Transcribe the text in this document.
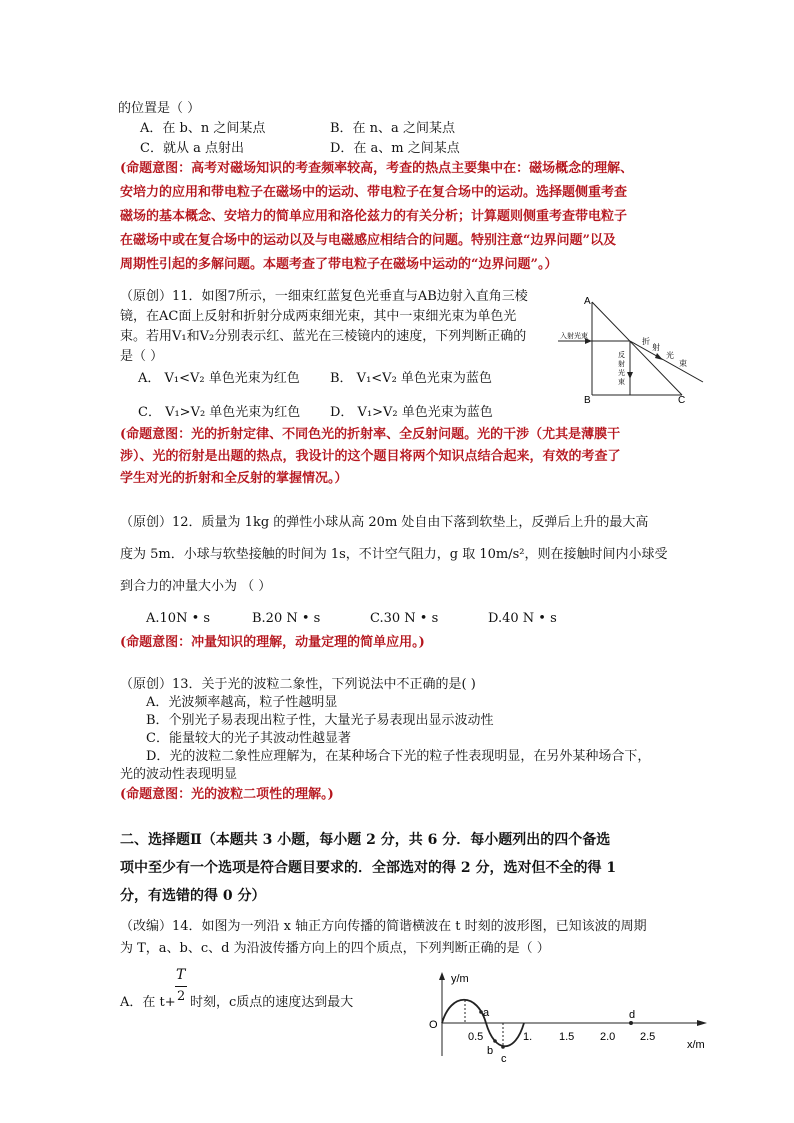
的位置是（ ）
A．在 b、n 之间某点	B．在 n、a 之间某点
C．就从 a 点射出	D．在 a、m 之间某点
(命题意图：高考对磁场知识的考查频率较高，考查的热点主要集中在：磁场概念的理解、
安培力的应用和带电粒子在磁场中的运动、带电粒子在复合场中的运动。选择题侧重考查
磁场的基本概念、安培力的简单应用和洛伦兹力的有关分析；计算题则侧重考查带电粒子
在磁场中或在复合场中的运动以及与电磁感应相结合的问题。特别注意“边界问题”以及
周期性引起的多解问题。本题考查了带电粒子在磁场中运动的“边界问题”。）
（原创）11．如图7所示，一细束红蓝复色光垂直与AB边射入直角三棱
镜，在AC面上反射和折射分成两束细光束，其中一束细光束为单色光
束。若用V₁和V₂分别表示红、蓝光在三棱镜内的速度，下列判断正确的
是（ ）
A． V₁<V₂ 单色光束为红色 B． V₁<V₂ 单色光束为蓝色
C． V₁>V₂ 单色光束为红色 D． V₁>V₂ 单色光束为蓝色
A
B	C
入射光束
反射光束
折
射
光
束
(命题意图：光的折射定律、不同色光的折射率、全反射问题。光的干涉（尤其是薄膜干
涉）、光的衍射是出题的热点，我设计的这个题目将两个知识点结合起来，有效的考查了
学生对光的折射和全反射的掌握情况。）
（原创）12．质量为 1kg 的弹性小球从高 20m 处自由下落到软垫上，反弹后上升的最大高
度为 5m．小球与软垫接触的时间为 1s，不计空气阻力，g 取 10m/s²，则在接触时间内小球受
到合力的冲量大小为 （ ）
A.10N • s	B.20 N • s	C.30 N • s	D.40 N • s
(命题意图：冲量知识的理解，动量定理的简单应用。)
（原创）13．关于光的波粒二象性，下列说法中不正确的是( )
A．光波频率越高，粒子性越明显
B．个别光子易表现出粒子性，大量光子易表现出显示波动性
C．能量较大的光子其波动性越显著
D．光的波粒二象性应理解为，在某种场合下光的粒子性表现明显，在另外某种场合下，
光的波动性表现明显
(命题意图：光的波粒二项性的理解。)
二、选择题Ⅱ（本题共 3 小题，每小题 2 分，共 6 分．每小题列出的四个备选
项中至少有一个选项是符合题目要求的．全部选对的得 2 分，选对但不全的得 1
分，有选错的得 0 分）
（改编）14．如图为一列沿 x 轴正方向传播的简谐横波在 t 时刻的波形图，已知该波的周期
为 T，a、b、c、d 为沿波传播方向上的四个质点，下列判断正确的是（ ）
A．在 t+
T
2 时刻，c质点的速度达到最大
y/m
x/m
O
0.5	1. 1.5 2.0 2.5
a
b
c
d
